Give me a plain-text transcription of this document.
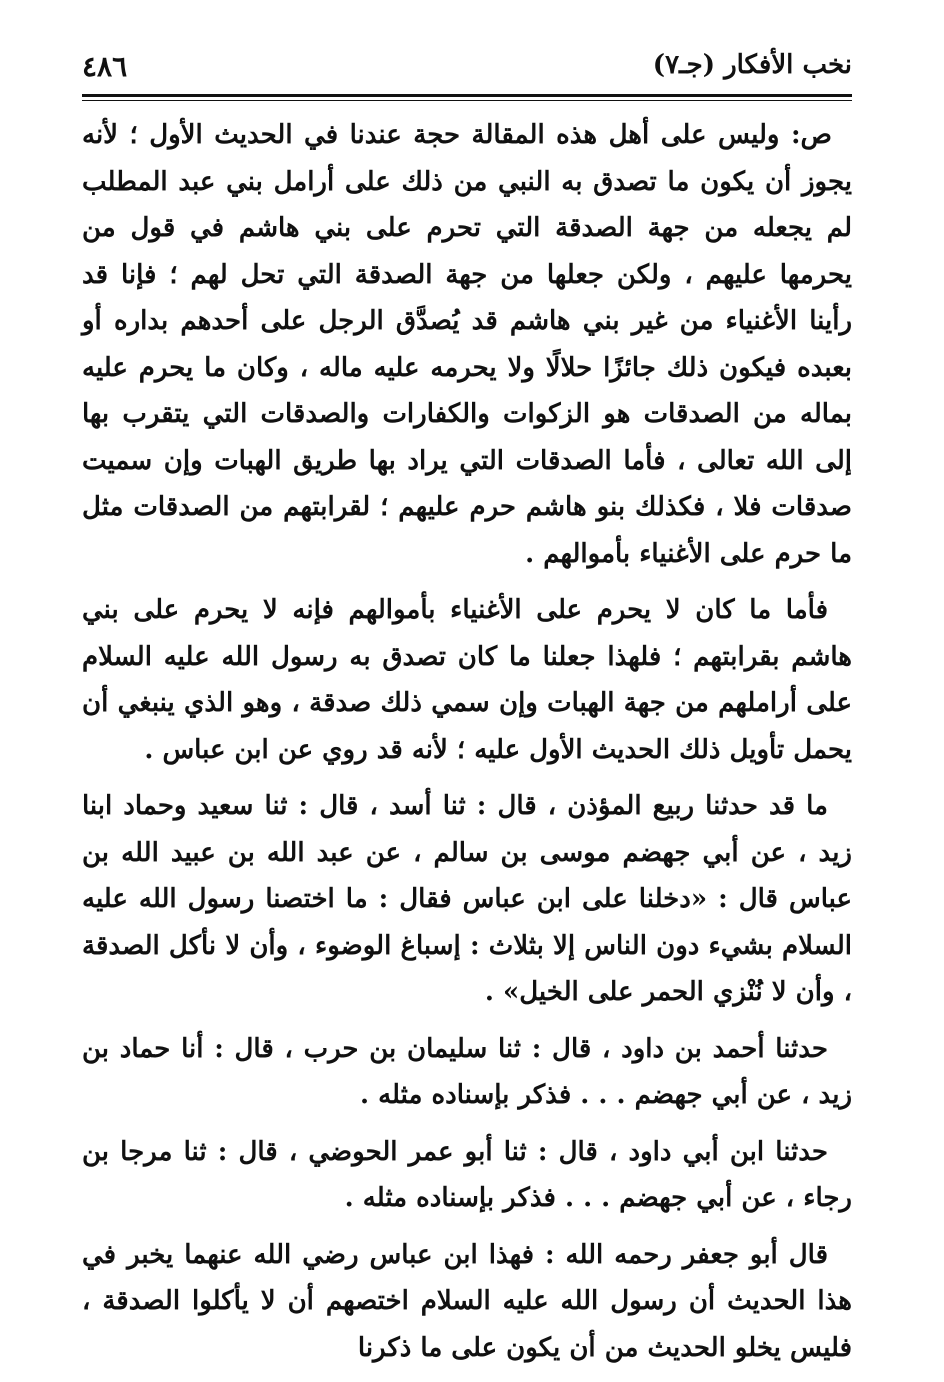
٤٨٦	نخب الأفكار (جـ٧)

ص: وليس على أهل هذه المقالة حجة عندنا في الحديث الأول ؛ لأنه يجوز أن يكون ما تصدق به النبي من ذلك على أرامل بني عبد المطلب لم يجعله من جهة الصدقة التي تحرم على بني هاشم في قول من يحرمها عليهم ، ولكن جعلها من جهة الصدقة التي تحل لهم ؛ فإنا قد رأينا الأغنياء من غير بني هاشم قد يُصدَّق الرجل على أحدهم بداره أو بعبده فيكون ذلك جائزًا حلالًا ولا يحرمه عليه ماله ، وكان ما يحرم عليه بماله من الصدقات هو الزكوات والكفارات والصدقات التي يتقرب بها إلى الله تعالى ، فأما الصدقات التي يراد بها طريق الهبات وإن سميت صدقات فلا ، فكذلك بنو هاشم حرم عليهم ؛ لقرابتهم من الصدقات مثل ما حرم على الأغنياء بأموالهم .

فأما ما كان لا يحرم على الأغنياء بأموالهم فإنه لا يحرم على بني هاشم بقرابتهم ؛ فلهذا جعلنا ما كان تصدق به رسول الله عليه السلام على أراملهم من جهة الهبات وإن سمي ذلك صدقة ، وهو الذي ينبغي أن يحمل تأويل ذلك الحديث الأول عليه ؛ لأنه قد روي عن ابن عباس .

ما قد حدثنا ربيع المؤذن ، قال : ثنا أسد ، قال : ثنا سعيد وحماد ابنا زيد ، عن أبي جهضم موسى بن سالم ، عن عبد الله بن عبيد الله بن عباس قال : «دخلنا على ابن عباس فقال : ما اختصنا رسول الله عليه السلام بشيء دون الناس إلا بثلاث : إسباغ الوضوء ، وأن لا نأكل الصدقة ، وأن لا نُنْزي الحمر على الخيل» .

حدثنا أحمد بن داود ، قال : ثنا سليمان بن حرب ، قال : أنا حماد بن زيد ، عن أبي جهضم . . . فذكر بإسناده مثله .

حدثنا ابن أبي داود ، قال : ثنا أبو عمر الحوضي ، قال : ثنا مرجا بن رجاء ، عن أبي جهضم . . . فذكر بإسناده مثله .

قال أبو جعفر رحمه الله : فهذا ابن عباس رضي الله عنهما يخبر في هذا الحديث أن رسول الله عليه السلام اختصهم أن لا يأكلوا الصدقة ، فليس يخلو الحديث من أن يكون على ما ذكرنا
